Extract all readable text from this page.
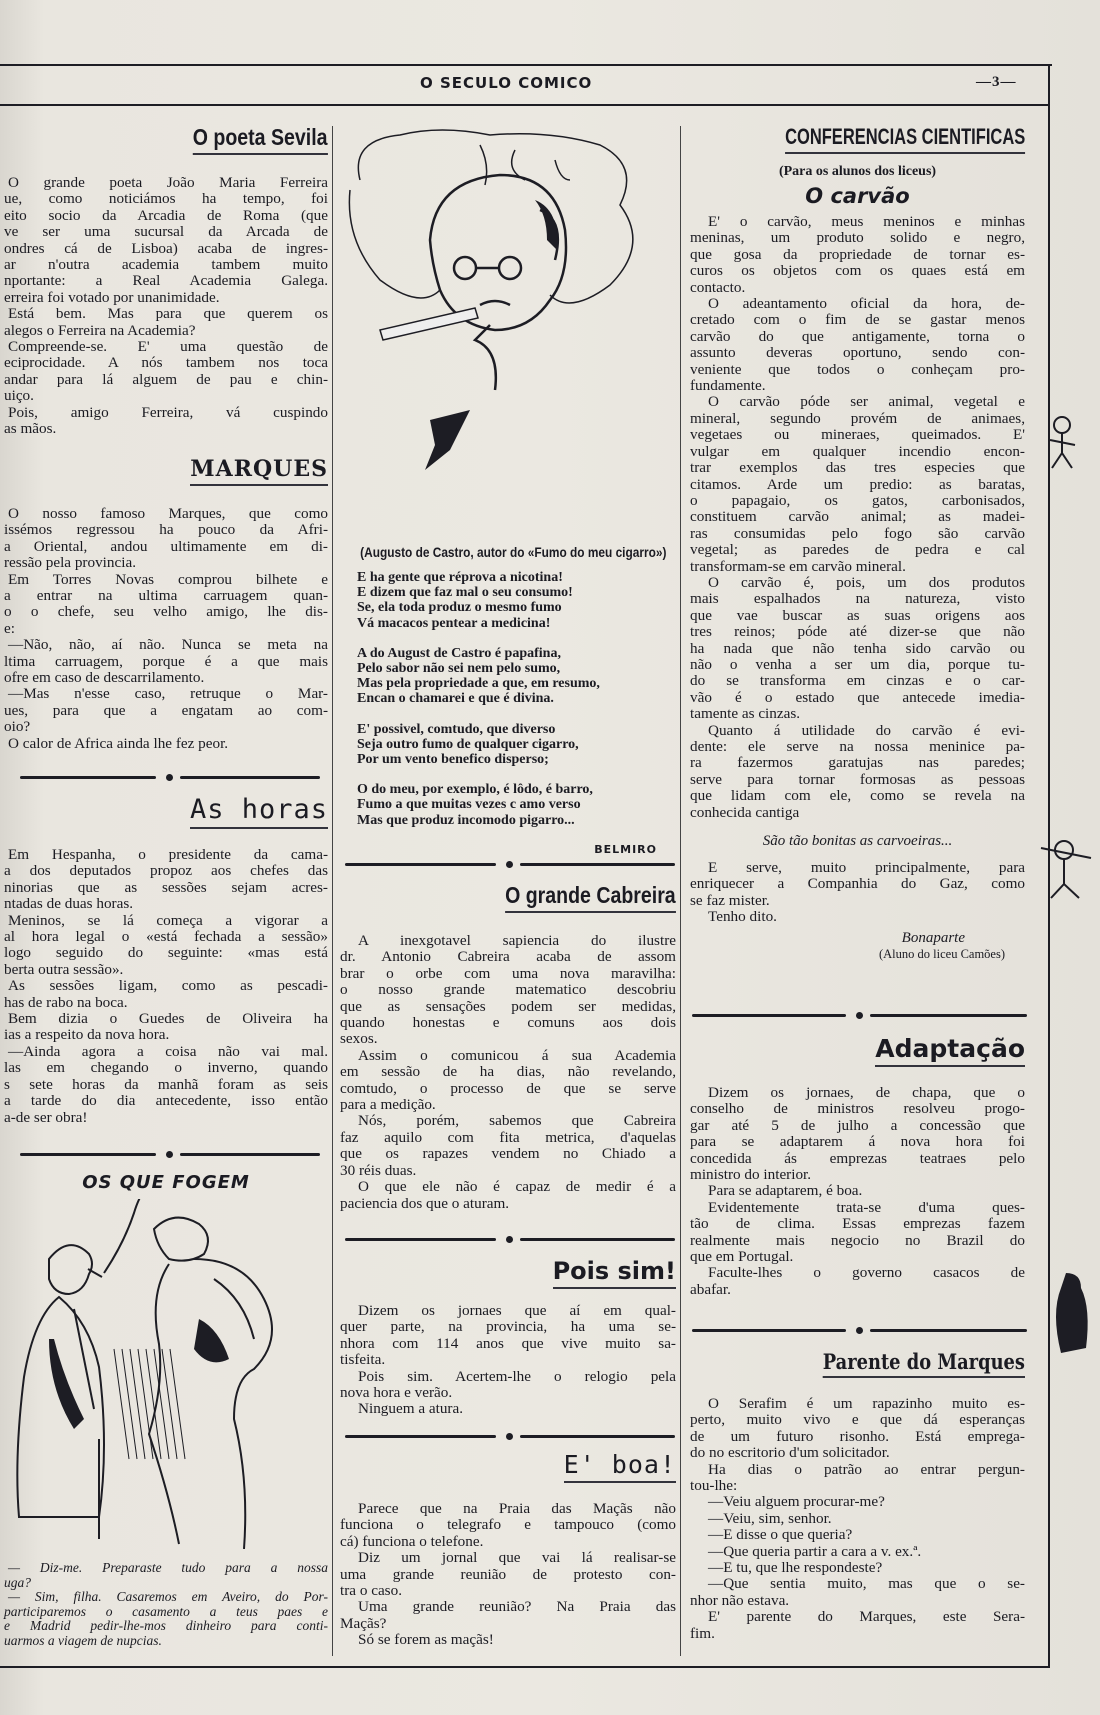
O SECULO COMICO	—3—
O poeta Sevila
O grande poeta João Maria Ferreira
ue, como noticiámos ha tempo, foi
eito socio da Arcadia de Roma (que
ve ser uma sucursal da Arcada de
ondres cá de Lisboa) acaba de ingres-
ar n'outra academia tambem muito
nportante: a Real Academia Galega.
erreira foi votado por unanimidade.
Está bem. Mas para que querem os
alegos o Ferreira na Academia?
Compreende-se. E' uma questão de
eciprocidade. A nós tambem nos toca
andar para lá alguem de pau e chin-
uiço.
Pois, amigo Ferreira, vá cuspindo
as mãos.
MARQUES
O nosso famoso Marques, que como
issémos regressou ha pouco da Afri-
a Oriental, andou ultimamente em di-
ressão pela provincia.
Em Torres Novas comprou bilhete e
a entrar na ultima carruagem quan-
o o chefe, seu velho amigo, lhe dis-
e:
—Não, não, aí não. Nunca se meta na
ltima carruagem, porque é a que mais
ofre em caso de descarrilamento.
—Mas n'esse caso, retruque o Mar-
ues, para que a engatam ao com-
oio?
O calor de Africa ainda lhe fez peor.
As horas
Em Hespanha, o presidente da cama-
a dos deputados propoz aos chefes das
ninorias que as sessões sejam acres-
ntadas de duas horas.
Meninos, se lá começa a vigorar a
al hora legal o «está fechada a sessão»
logo seguido do seguinte: «mas está
berta outra sessão».
As sessões ligam, como as pescadi-
has de rabo na boca.
Bem dizia o Guedes de Oliveira ha
ias a respeito da nova hora.
—Ainda agora a coisa não vai mal.
las em chegando o inverno, quando
s sete horas da manhã foram as seis
a tarde do dia antecedente, isso então
a-de ser obra!
OS QUE FOGEM
— Diz-me. Preparaste tudo para a nossa
uga?
— Sim, filha. Casaremos em Aveiro, do Por-
participaremos o casamento a teus paes e
e Madrid pedir-lhe-mos dinheiro para conti-
uarmos a viagem de nupcias.
(Augusto de Castro, autor do «Fumo do meu cigarro»)
E ha gente que réprova a nicotina!
E dizem que faz mal o seu consumo!
Se, ela toda produz o mesmo fumo
Vá macacos pentear a medicina!
A do August de Castro é papafina,
Pelo sabor não sei nem pelo sumo,
Mas pela propriedade a que, em resumo,
Encan o chamarei e que é divina.
E' possivel, comtudo, que diverso
Seja outro fumo de qualquer cigarro,
Por um vento benefico disperso;
O do meu, por exemplo, é lôdo, é barro,
Fumo a que muitas vezes c amo verso
Mas que produz incomodo pigarro...
BELMIRO
O grande Cabreira
A inexgotavel sapiencia do ilustre
dr. Antonio Cabreira acaba de assom
brar o orbe com uma nova maravilha:
o nosso grande matematico descobriu
que as sensações podem ser medidas,
quando honestas e comuns aos dois
sexos.
Assim o comunicou á sua Academia
em sessão de ha dias, não revelando,
comtudo, o processo de que se serve
para a medição.
Nós, porém, sabemos que Cabreira
faz aquilo com fita metrica, d'aquelas
que os rapazes vendem no Chiado a
30 réis duas.
O que ele não é capaz de medir é a
paciencia dos que o aturam.
Pois sim!
Dizem os jornaes que aí em qual-
quer parte, na provincia, ha uma se-
nhora com 114 anos que vive muito sa-
tisfeita.
Pois sim. Acertem-lhe o relogio pela
nova hora e verão.
Ninguem a atura.
E' boa!
Parece que na Praia das Maçãs não
funciona o telegrafo e tampouco (como
cá) funciona o telefone.
Diz um jornal que vai lá realisar-se
uma grande reunião de protesto con-
tra o caso.
Uma grande reunião? Na Praia das
Maçãs?
Só se forem as maçãs!
CONFERENCIAS CIENTIFICAS
(Para os alunos dos liceus)
O carvão
E' o carvão, meus meninos e minhas
meninas, um produto solido e negro,
que gosa da propriedade de tornar es-
curos os objetos com os quaes está em
contacto.
O adeantamento oficial da hora, de-
cretado com o fim de se gastar menos
carvão do que antigamente, torna o
assunto deveras oportuno, sendo con-
veniente que todos o conheçam pro-
fundamente.
O carvão póde ser animal, vegetal e
mineral, segundo provém de animaes,
vegetaes ou mineraes, queimados. E'
vulgar em qualquer incendio encon-
trar exemplos das tres especies que
citamos. Arde um predio: as baratas,
o papagaio, os gatos, carbonisados,
constituem carvão animal; as madei-
ras consumidas pelo fogo são carvão
vegetal; as paredes de pedra e cal
transformam-se em carvão mineral.
O carvão é, pois, um dos produtos
mais espalhados na natureza, visto
que vae buscar as suas origens aos
tres reinos; póde até dizer-se que não
ha nada que não tenha sido carvão ou
não o venha a ser um dia, porque tu-
do se transforma em cinzas e o car-
vão é o estado que antecede imedia-
tamente as cinzas.
Quanto á utilidade do carvão é evi-
dente: ele serve na nossa meninice pa-
ra fazermos garatujas nas paredes;
serve para tornar formosas as pessoas
que lidam com ele, como se revela na
conhecida cantiga
São tão bonitas as carvoeiras...
E serve, muito principalmente, para
enriquecer a Companhia do Gaz, como
se faz mister.
Tenho dito.
Bonaparte
(Aluno do liceu Camões)
Adaptação
Dizem os jornaes, de chapa, que o
conselho de ministros resolveu progo-
gar até 5 de julho a concessão que
para se adaptarem á nova hora foi
concedida ás emprezas teatraes pelo
ministro do interior.
Para se adaptarem, é boa.
Evidentemente trata-se d'uma ques-
tão de clima. Essas emprezas fazem
realmente mais negocio no Brazil do
que em Portugal.
Faculte-lhes o governo casacos de
abafar.
Parente do Marques
O Serafim é um rapazinho muito es-
perto, muito vivo e que dá esperanças
de um futuro risonho. Está emprega-
do no escritorio d'um solicitador.
Ha dias o patrão ao entrar pergun-
tou-lhe:
—Veiu alguem procurar-me?
—Veiu, sim, senhor.
—E disse o que queria?
—Que queria partir a cara a v. ex.ª.
—E tu, que lhe respondeste?
—Que sentia muito, mas que o se-
nhor não estava.
E' parente do Marques, este Sera-
fim.
